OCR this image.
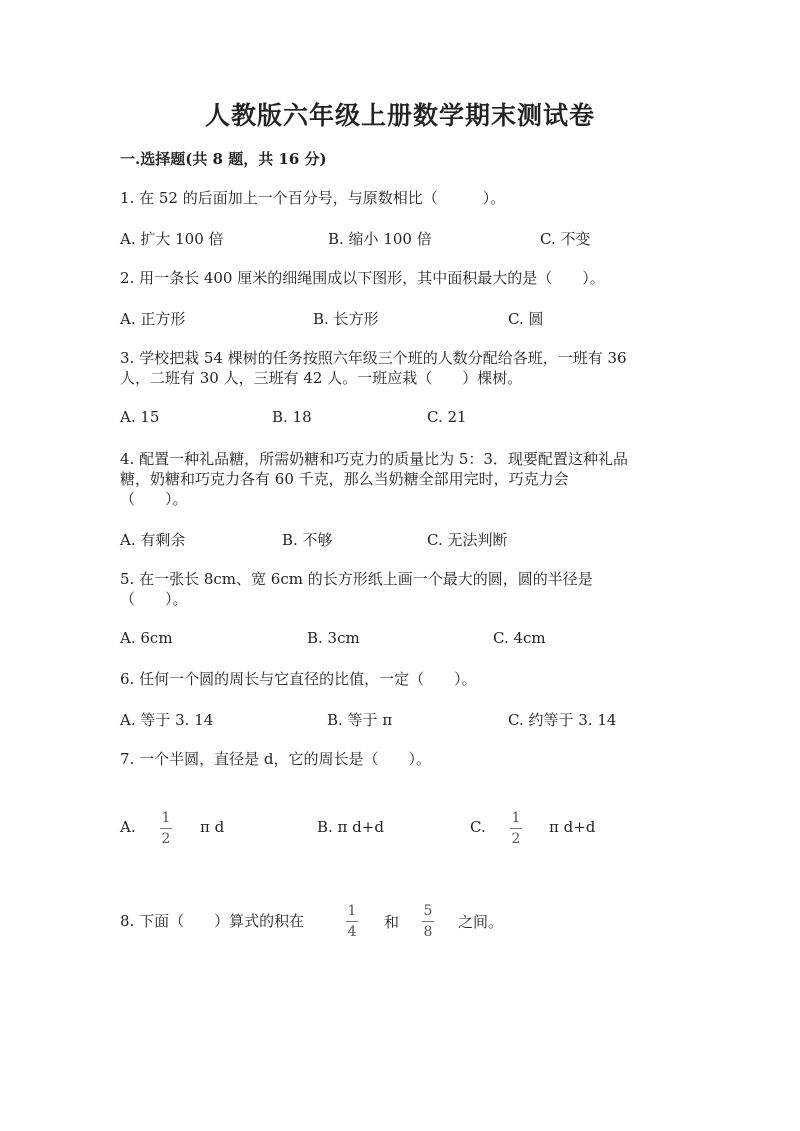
人教版六年级上册数学期末测试卷
一.选择题(共 8 题，共 16 分)
1. 在 52 的后面加上一个百分号，与原数相比（　　　）。
A. 扩大 100 倍	B. 缩小 100 倍	C. 不变
2. 用一条长 400 厘米的细绳围成以下图形，其中面积最大的是（　　）。
A. 正方形	B. 长方形	C. 圆
3. 学校把栽 54 棵树的任务按照六年级三个班的人数分配给各班，一班有 36
人，二班有 30 人，三班有 42 人。一班应栽（　　）棵树。
A. 15	B. 18	C. 21
4. 配置一种礼品糖，所需奶糖和巧克力的质量比为 5：3．现要配置这种礼品
糖，奶糖和巧克力各有 60 千克，那么当奶糖全部用完时，巧克力会
（　　）。
A. 有剩余	B. 不够	C. 无法判断
5. 在一张长 8cm、宽 6cm 的长方形纸上画一个最大的圆，圆的半径是
（　　）。
A. 6cm	B. 3cm	C. 4cm
6. 任何一个圆的周长与它直径的比值，一定（　　）。
A. 等于 3. 14	B. 等于 π	C. 约等于 3. 14
7. 一个半圆，直径是 d，它的周长是（　　）。
A. 1
2
π d	B. π d+d	C. 1
2
π d+d
8. 下面（　　）算式的积在
1
4
和
5
8
之间。
